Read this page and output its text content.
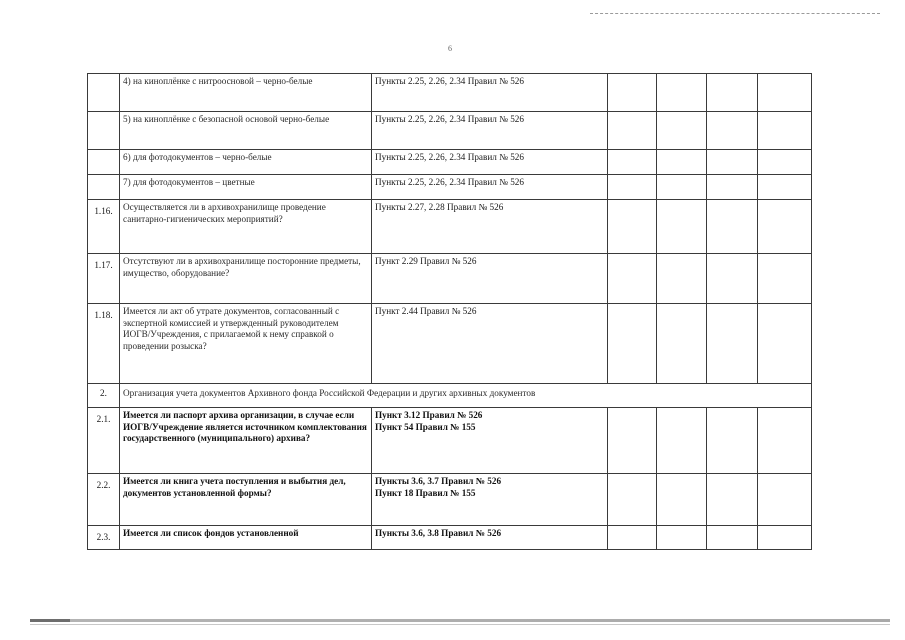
6
	4) на киноплёнке с нитроосновой – черно-белые	Пункты 2.25, 2.26, 2.34 Правил № 526				
	5) на киноплёнке с безопасной основой черно-белые	Пункты 2.25, 2.26, 2.34 Правил № 526				
	6) для фотодокументов – черно-белые	Пункты 2.25, 2.26, 2.34 Правил № 526				
	7) для фотодокументов – цветные	Пункты 2.25, 2.26, 2.34 Правил № 526				
1.16.	Осуществляется ли в архивохранилище проведение санитарно-гигиенических мероприятий?	Пункты 2.27, 2.28 Правил № 526				
1.17.	Отсутствуют ли в архивохранилище посторонние предметы, имущество, оборудование?	Пункт 2.29 Правил № 526				
1.18.	Имеется ли акт об утрате документов, согласованный с экспертной комиссией и утвержденный руководителем ИОГВ/Учреждения, с прилагаемой к нему справкой о проведении розыска?	Пункт 2.44 Правил № 526				
2.	Организация учета документов Архивного фонда Российской Федерации и других архивных документов					
2.1.	Имеется ли паспорт архива организации, в случае если ИОГВ/Учреждение является источником комплектования государственного (муниципального) архива?	Пункт 3.12 Правил № 526
Пункт 54 Правил № 155				
2.2.	Имеется ли книга учета поступления и выбытия дел, документов установленной формы?	Пункты 3.6, 3.7 Правил № 526
Пункт 18 Правил № 155				
2.3.	Имеется ли список фондов установленной	Пункты 3.6, 3.8 Правил № 526				
